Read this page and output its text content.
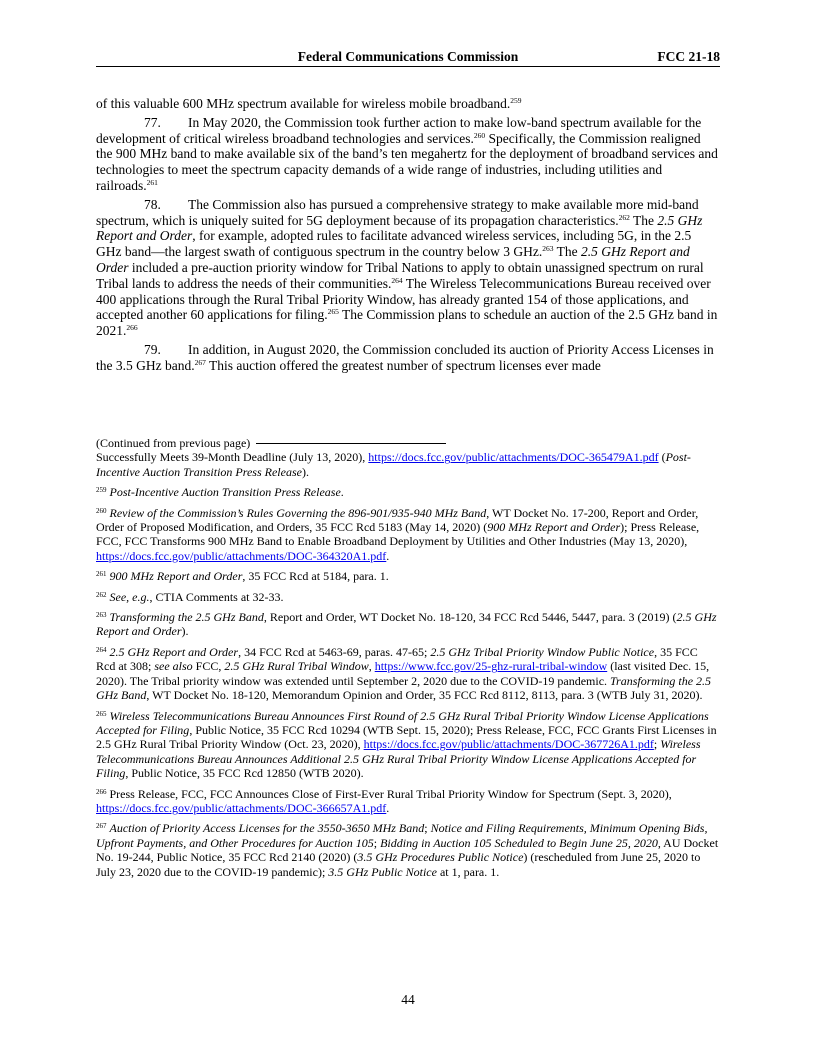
Federal Communications Commission	FCC 21-18

of this valuable 600 MHz spectrum available for wireless mobile broadband.$^{259}$

77. In May 2020, the Commission took further action to make low-band spectrum available for the development of critical wireless broadband technologies and services.$^{260}$ Specifically, the Commission realigned the 900 MHz band to make available six of the band’s ten megahertz for the deployment of broadband services and technologies to meet the spectrum capacity demands of a wide range of industries, including utilities and railroads.$^{261}$

78. The Commission also has pursued a comprehensive strategy to make available more mid-band spectrum, which is uniquely suited for 5G deployment because of its propagation characteristics.$^{262}$ The 2.5 GHz Report and Order, for example, adopted rules to facilitate advanced wireless services, including 5G, in the 2.5 GHz band—the largest swath of contiguous spectrum in the country below 3 GHz.$^{263}$ The 2.5 GHz Report and Order included a pre-auction priority window for Tribal Nations to apply to obtain unassigned spectrum on rural Tribal lands to address the needs of their communities.$^{264}$ The Wireless Telecommunications Bureau received over 400 applications through the Rural Tribal Priority Window, has already granted 154 of those applications, and accepted another 60 applications for filing.$^{265}$ The Commission plans to schedule an auction of the 2.5 GHz band in 2021.$^{266}$

79. In addition, in August 2020, the Commission concluded its auction of Priority Access Licenses in the 3.5 GHz band.$^{267}$ This auction offered the greatest number of spectrum licenses ever made

(Continued from previous page)

Successfully Meets 39-Month Deadline (July 13, 2020), https://docs.fcc.gov/public/attachments/DOC-365479A1.pdf (Post-Incentive Auction Transition Press Release).

$^{259}$ Post-Incentive Auction Transition Press Release.

$^{260}$ Review of the Commission’s Rules Governing the 896-901/935-940 MHz Band, WT Docket No. 17-200, Report and Order, Order of Proposed Modification, and Orders, 35 FCC Rcd 5183 (May 14, 2020) (900 MHz Report and Order); Press Release, FCC, FCC Transforms 900 MHz Band to Enable Broadband Deployment by Utilities and Other Industries (May 13, 2020), https://docs.fcc.gov/public/attachments/DOC-364320A1.pdf.

$^{261}$ 900 MHz Report and Order, 35 FCC Rcd at 5184, para. 1.

$^{262}$ See, e.g., CTIA Comments at 32-33.

$^{263}$ Transforming the 2.5 GHz Band, Report and Order, WT Docket No. 18-120, 34 FCC Rcd 5446, 5447, para. 3 (2019) (2.5 GHz Report and Order).

$^{264}$ 2.5 GHz Report and Order, 34 FCC Rcd at 5463-69, paras. 47-65; 2.5 GHz Tribal Priority Window Public Notice, 35 FCC Rcd at 308; see also FCC, 2.5 GHz Rural Tribal Window, https://www.fcc.gov/25-ghz-rural-tribal-window (last visited Dec. 15, 2020). The Tribal priority window was extended until September 2, 2020 due to the COVID-19 pandemic. Transforming the 2.5 GHz Band, WT Docket No. 18-120, Memorandum Opinion and Order, 35 FCC Rcd 8112, 8113, para. 3 (WTB July 31, 2020).

$^{265}$ Wireless Telecommunications Bureau Announces First Round of 2.5 GHz Rural Tribal Priority Window License Applications Accepted for Filing, Public Notice, 35 FCC Rcd 10294 (WTB Sept. 15, 2020); Press Release, FCC, FCC Grants First Licenses in 2.5 GHz Rural Tribal Priority Window (Oct. 23, 2020), https://docs.fcc.gov/public/attachments/DOC-367726A1.pdf; Wireless Telecommunications Bureau Announces Additional 2.5 GHz Rural Tribal Priority Window License Applications Accepted for Filing, Public Notice, 35 FCC Rcd 12850 (WTB 2020).

$^{266}$ Press Release, FCC, FCC Announces Close of First-Ever Rural Tribal Priority Window for Spectrum (Sept. 3, 2020), https://docs.fcc.gov/public/attachments/DOC-366657A1.pdf.

$^{267}$ Auction of Priority Access Licenses for the 3550-3650 MHz Band; Notice and Filing Requirements, Minimum Opening Bids, Upfront Payments, and Other Procedures for Auction 105; Bidding in Auction 105 Scheduled to Begin June 25, 2020, AU Docket No. 19-244, Public Notice, 35 FCC Rcd 2140 (2020) (3.5 GHz Procedures Public Notice) (rescheduled from June 25, 2020 to July 23, 2020 due to the COVID-19 pandemic); 3.5 GHz Public Notice at 1, para. 1.

44
